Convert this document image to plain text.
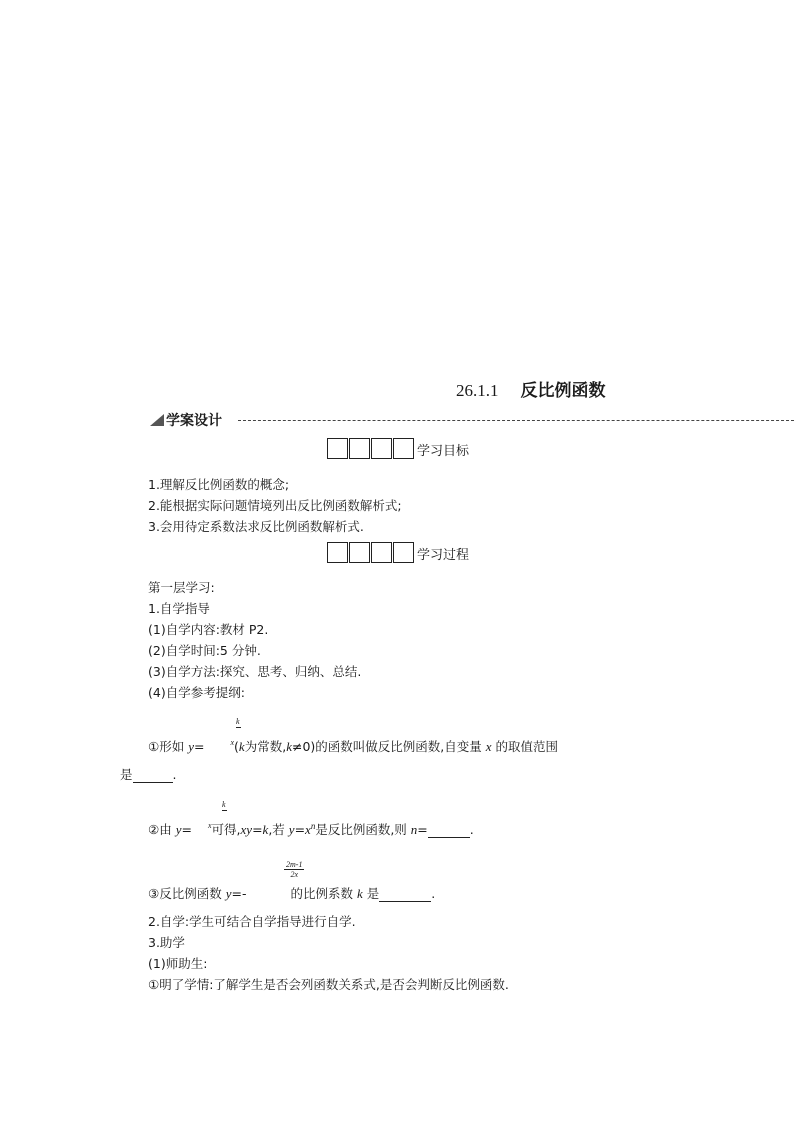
26.1.1 反比例函数
学案设计
学习目标
1.理解反比例函数的概念;
2.能根据实际问题情境列出反比例函数解析式;
3.会用待定系数法求反比例函数解析式.
学习过程
第一层学习:
1.自学指导
(1)自学内容:教材 P2.
(2)自学时间:5 分钟.
(3)自学方法:探究、思考、归纳、总结.
(4)自学参考提纲:
k
①形如 y=	$^x$(k为常数,k≠0)的函数叫做反比例函数,自变量 x 的取值范围
是	.
k
②由 y= $^x$可得,xy=k,若 $y=x^n$是反比例函数,则 n=	.
$\frac{2m-1}{2x}$
③反比例函数 y=-	的比例系数 k 是	.
2.自学:学生可结合自学指导进行自学.
3.助学
(1)师助生:
①明了学情:了解学生是否会列函数关系式,是否会判断反比例函数.
